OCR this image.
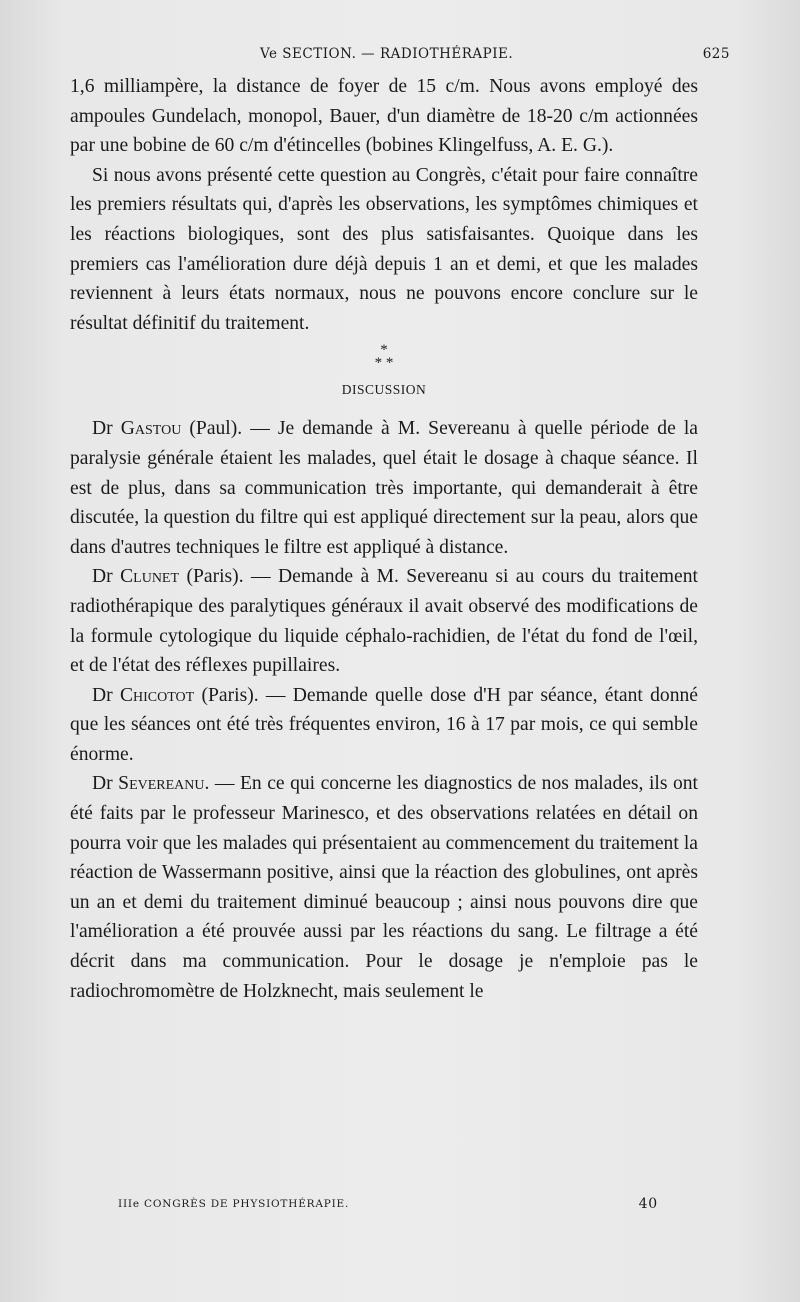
Ve SECTION. — RADIOTHÉRAPIE.	625

1,6 milliampère, la distance de foyer de 15 c/m. Nous avons employé des ampoules Gundelach, monopol, Bauer, d'un diamètre de 18-20 c/m actionnées par une bobine de 60 c/m d'étincelles (bobines Klingelfuss, A. E. G.).

Si nous avons présenté cette question au Congrès, c'était pour faire connaître les premiers résultats qui, d'après les observations, les symptômes chimiques et les réactions biologiques, sont des plus satisfaisantes. Quoique dans les premiers cas l'amélioration dure déjà depuis 1 an et demi, et que les malades reviennent à leurs états normaux, nous ne pouvons encore conclure sur le résultat définitif du traitement.

*
* *
DISCUSSION

Dr Gastou (Paul). — Je demande à M. Severeanu à quelle période de la paralysie générale étaient les malades, quel était le dosage à chaque séance. Il est de plus, dans sa communication très importante, qui demanderait à être discutée, la question du filtre qui est appliqué directement sur la peau, alors que dans d'autres techniques le filtre est appliqué à distance.

Dr Clunet (Paris). — Demande à M. Severeanu si au cours du traitement radiothérapique des paralytiques généraux il avait observé des modifications de la formule cytologique du liquide céphalo-rachidien, de l'état du fond de l'œil, et de l'état des réflexes pupillaires.

Dr Chicotot (Paris). — Demande quelle dose d'H par séance, étant donné que les séances ont été très fréquentes environ, 16 à 17 par mois, ce qui semble énorme.

Dr Severeanu. — En ce qui concerne les diagnostics de nos malades, ils ont été faits par le professeur Marinesco, et des observations relatées en détail on pourra voir que les malades qui présentaient au commencement du traitement la réaction de Wassermann positive, ainsi que la réaction des globulines, ont après un an et demi du traitement diminué beaucoup ; ainsi nous pouvons dire que l'amélioration a été prouvée aussi par les réactions du sang. Le filtrage a été décrit dans ma communication. Pour le dosage je n'emploie pas le radiochromomètre de Holzknecht, mais seulement le

IIIe CONGRÈS DE PHYSIOTHÉRAPIE.	40
